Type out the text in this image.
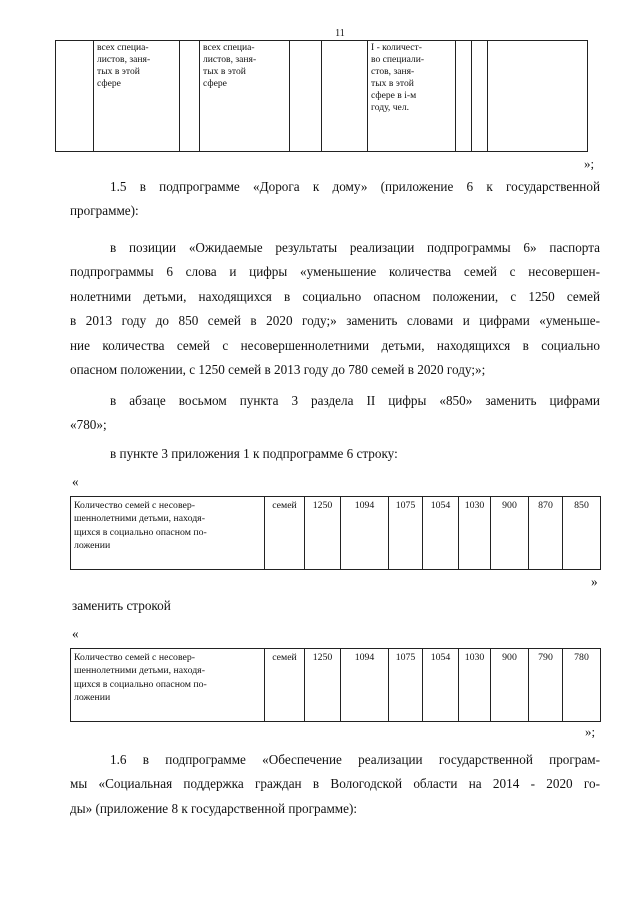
11
	всех специа-
листов, заня-
тых в этой
сфере		всех специа-
листов, заня-
тых в этой
сфере			I - количест-
во специали-
стов, заня-
тых в этой
сфере в i-м
году, чел.			
»;
1.5 в подпрограмме «Дорога к дому» (приложение 6 к государственной
программе):
в позиции «Ожидаемые результаты реализации подпрограммы 6» паспорта
подпрограммы 6 слова и цифры «уменьшение количества семей с несовершен-
нолетними детьми, находящихся в социально опасном положении, с 1250 семей
в 2013 году до 850 семей в 2020 году;» заменить словами и цифрами «уменьше-
ние количества семей с несовершеннолетними детьми, находящихся в социально
опасном положении, с 1250 семей в 2013 году до 780 семей в 2020 году;»;
в абзаце восьмом пункта 3 раздела II цифры «850» заменить цифрами
«780»;
в пункте 3 приложения 1 к подпрограмме 6 строку:
«
Количество семей с несовер-
шеннолетними детьми, находя-
щихся в социально опасном по-
ложении	семей	1250	1094	1075	1054	1030	900	870	850
»
заменить строкой
«
Количество семей с несовер-
шеннолетними детьми, находя-
щихся в социально опасном по-
ложении	семей	1250	1094	1075	1054	1030	900	790	780
»;
1.6 в подпрограмме «Обеспечение реализации государственной програм-
мы «Социальная поддержка граждан в Вологодской области на 2014 - 2020 го-
ды» (приложение 8 к государственной программе):
